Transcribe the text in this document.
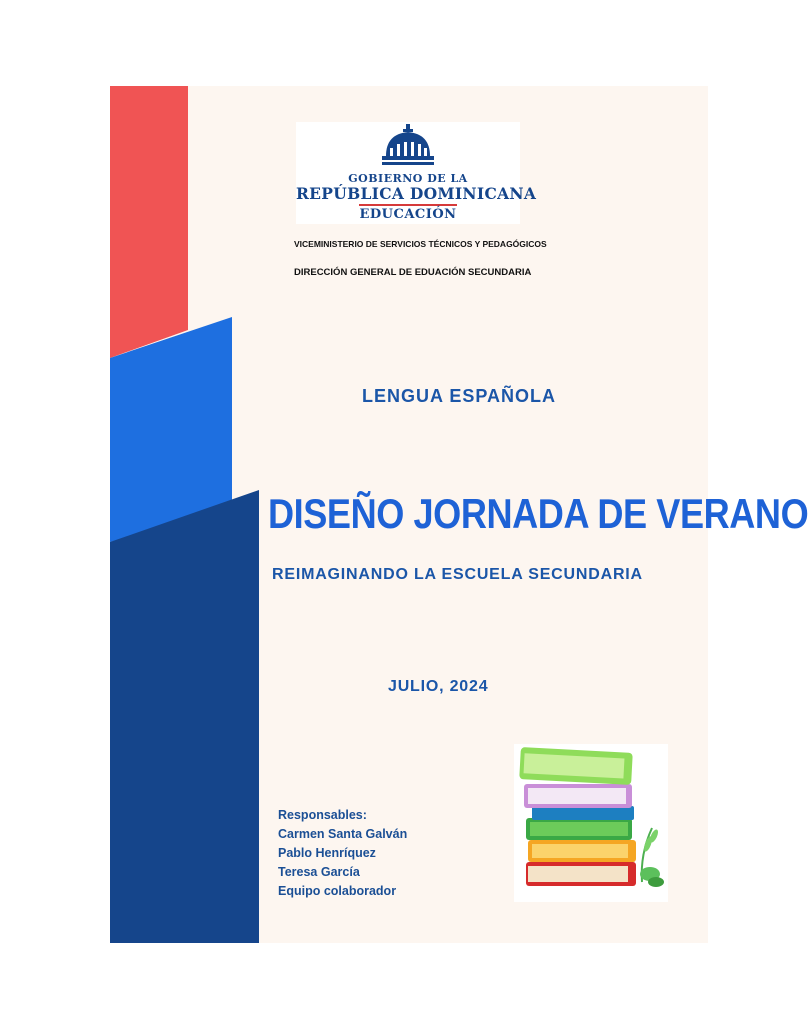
GOBIERNO DE LA
REPÚBLICA DOMINICANA
EDUCACIÓN
VICEMINISTERIO DE SERVICIOS TÉCNICOS Y PEDAGÓGICOS
DIRECCIÓN GENERAL DE EDUACIÓN SECUNDARIA
LENGUA ESPAÑOLA
DISEÑO JORNADA DE VERANO
REIMAGINANDO LA ESCUELA SECUNDARIA
JULIO, 2024
Responsables:
Carmen Santa Galván
Pablo Henríquez
Teresa García
Equipo colaborador
